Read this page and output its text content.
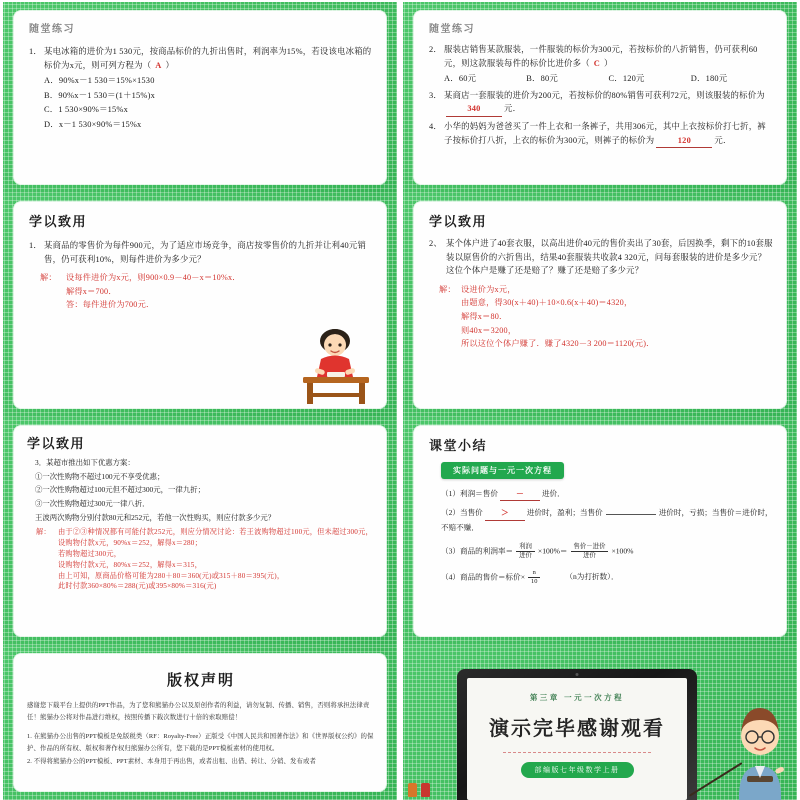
随堂练习
1． 某电冰箱的进价为1 530元，按商品标价的九折出售时，利润率为15%，若设该电冰箱的标价为x元，则可列方程为（ A ）
A．90%x－1 530＝15%×1530
B．90%x－1 530＝(1＋15%)x
C．1 530×90%＝15%x
D．x－1 530×90%＝15%x
随堂练习
2． 服装店销售某款服装，一件服装的标价为300元，若按标价的八折销售，仍可获利60元，则这款服装每件的标价比进价多（ C ）
A．60元	B．80元	C．120元	D．180元
3． 某商店一套服装的进价为200元，若按标价的80%销售可获利72元，则该服装的标价为340	元．
4． 小华的妈妈为爸爸买了一件上衣和一条裤子，共用306元，其中上衣按标价打七折，裤子按标价打八折，上衣的标价为300元，则裤子的标价为	120	元．
学以致用
1． 某商品的零售价为每件900元，为了适应市场竞争，商店按零售价的九折并让利40元销售，仍可获利10%，则每件进价为多少元？
解：	设每件进价为x元，则900×0.9－40－x＝10%x．
解得x＝700．
答：每件进价为700元．
学以致用
2、 某个体户进了40套衣服，以高出进价40元的售价卖出了30套，后因换季，剩下的10套服装以原售价的六折售出，结果40套服装共收款4 320元，问每套服装的进价是多少元？这位个体户是赚了还是赔了？赚了还是赔了多少元？
解： 设进价为x元，
由题意，得30(x＋40)＋10×0.6(x＋40)＝4320，
解得x＝80．
则40x＝3200，
所以这位个体户赚了．赚了4320－3 200＝1120(元)．
学以致用
3．某超市推出如下优惠方案：
①一次性购物不超过100元不享受优惠；
②一次性购物超过100元但不超过300元，一律九折；
③一次性购物超过300元一律八折．
王波两次购物分别付款80元和252元，若他一次性购买，则应付款多少元？
解：	由于②③种情况都有可能付款252元，则应分情况讨论：若王波购物超过100元，但未超过300元，
设购物付款x元，90%x＝252，解得x＝280；
若购物超过300元，
设购物付款x元，80%x＝252，解得x＝315，
由上可知，原商品价格可能为280＋80＝360(元)或315＋80＝395(元)，
此时付款360×80%＝288(元)或395×80%＝316(元)
课堂小结
实际问题与一元一次方程
（1）利润＝售价 － 进价．
（2）当售价 ＞ 进价时，盈利；当售价	进价时，亏损；当售价＝进价时，不赔不赚．
（3）商品的利润率＝ $\frac{\text{利润}}{\text{进价}} \times 100\%= \frac{\text{售价－进价}}{\text{进价}} \times 100\%$
（4）商品的售价＝标价× $\frac{n}{10}$	（n为打折数）．
版权声明
感谢您下载平台上提供的PPT作品，为了您和熊猫办公以及原创作者的利益，请勿复制、传播、销售，否则将承担法律责任！熊猫办公将对作品进行维权，按照传播下载次数进行十倍的索取赔偿！
1. 在熊猫办公出售的PPT模板是免版税类（RF：Royalty-Free）正版受《中国人民共和国著作法》和《世界版权公约》的保护、作品的所有权、版权和著作权归熊猫办公所有，您下载的是PPT模板素材的使用权。
2. 不得将熊猫办公的PPT模板、PPT素材、本身用于再出售，或者出租、出借、转让、分销、发布或者
第三章 一元一次方程
演示完毕感谢观看
部编版七年级数学上册
